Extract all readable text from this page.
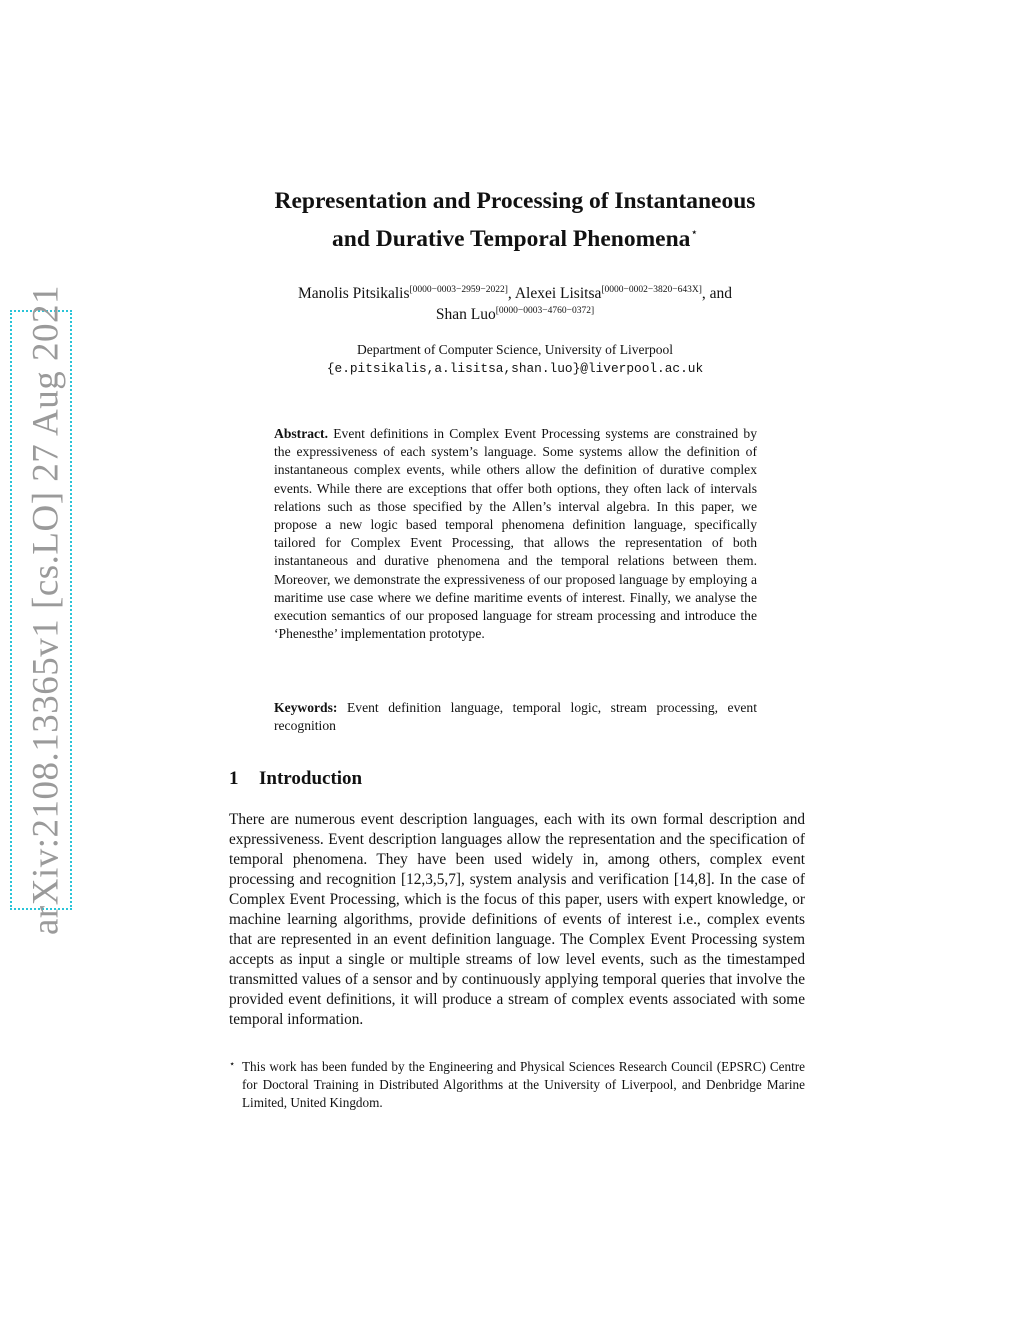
arXiv:2108.13365v1 [cs.LO] 27 Aug 2021
Representation and Processing of Instantaneous
and Durative Temporal Phenomena⋆
Manolis Pitsikalis[0000−0003−2959−2022], Alexei Lisitsa[0000−0002−3820−643X], and
Shan Luo[0000−0003−4760−0372]
Department of Computer Science, University of Liverpool
{e.pitsikalis,a.lisitsa,shan.luo}@liverpool.ac.uk
Abstract. Event definitions in Complex Event Processing systems are constrained by the expressiveness of each system’s language. Some systems allow the definition of instantaneous complex events, while others allow the definition of durative complex events. While there are exceptions that offer both options, they often lack of intervals relations such as those specified by the Allen’s interval algebra. In this paper, we propose a new logic based temporal phenomena definition language, specifically tailored for Complex Event Processing, that allows the representation of both instantaneous and durative phenomena and the temporal relations between them. Moreover, we demonstrate the expressiveness of our proposed language by employing a maritime use case where we define maritime events of interest. Finally, we analyse the execution semantics of our proposed language for stream processing and introduce the ‘Phenesthe’ implementation prototype.
Keywords: Event definition language, temporal logic, stream processing, event recognition
1 Introduction
There are numerous event description languages, each with its own formal description and expressiveness. Event description languages allow the representation and the specification of temporal phenomena. They have been used widely in, among others, complex event processing and recognition [12,3,5,7], system analysis and verification [14,8]. In the case of Complex Event Processing, which is the focus of this paper, users with expert knowledge, or machine learning algorithms, provide definitions of events of interest i.e., complex events that are represented in an event definition language. The Complex Event Processing system accepts as input a single or multiple streams of low level events, such as the timestamped transmitted values of a sensor and by continuously applying temporal queries that involve the provided event definitions, it will produce a stream of complex events associated with some temporal information.
⋆ This work has been funded by the Engineering and Physical Sciences Research Council (EPSRC) Centre for Doctoral Training in Distributed Algorithms at the University of Liverpool, and Denbridge Marine Limited, United Kingdom.
